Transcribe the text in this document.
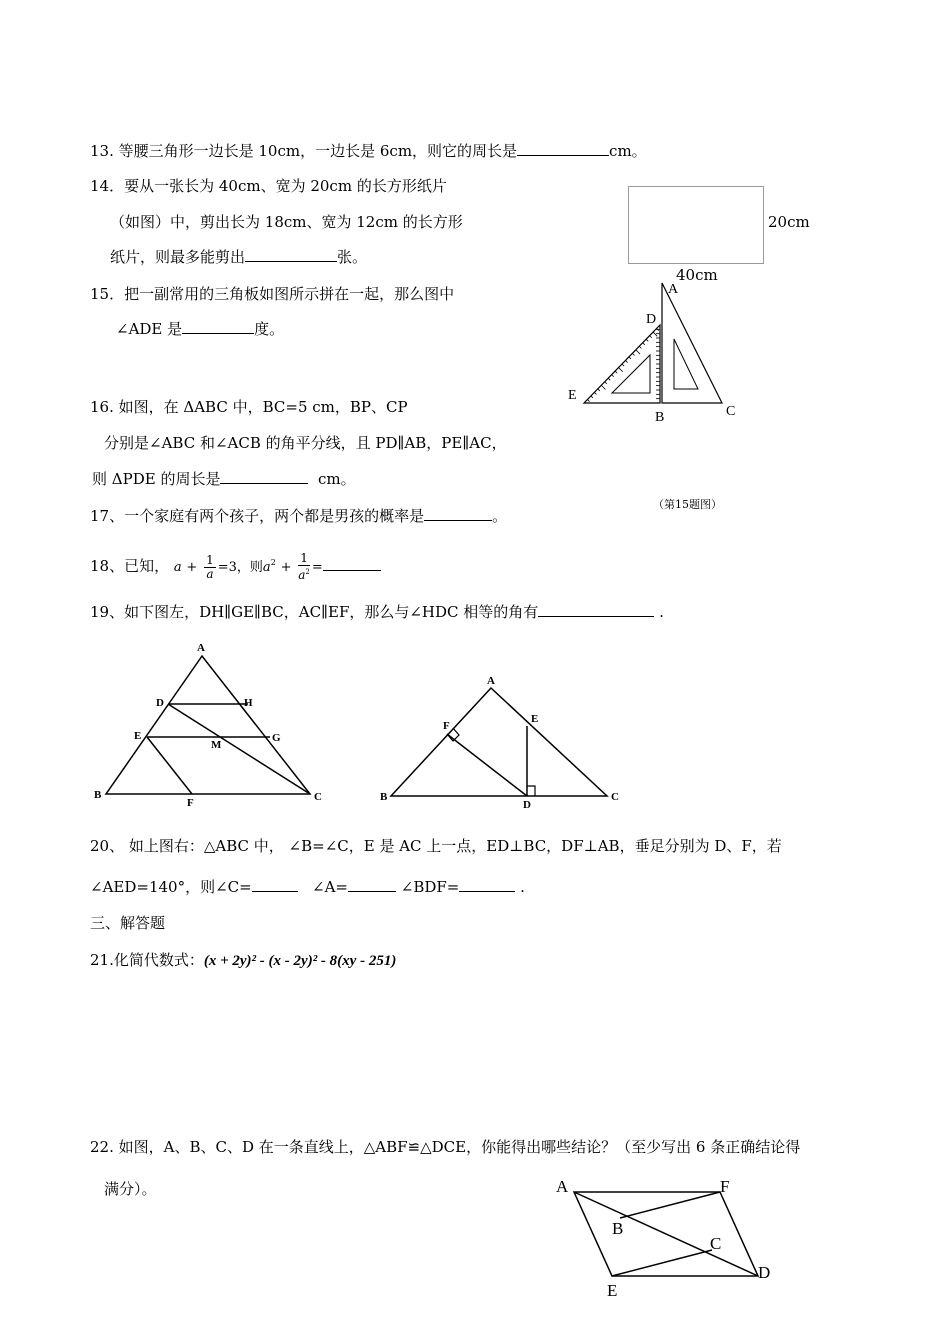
13. 等腰三角形一边长是 10cm，一边长是 6cm，则它的周长是	cm。
14．要从一张长为 40cm、宽为 20cm 的长方形纸片
（如图）中，剪出长为 18cm、宽为 12cm 的长方形
纸片，则最多能剪出	张。
20cm
40cm
15．把一副常用的三角板如图所示拼在一起，那么图中
∠ADE 是	度。
A
D
E
B	C
（第15题图）
16. 如图，在 ΔABC 中，BC=5 cm，BP、CP
分别是∠ABC 和∠ACB 的角平分线，且 PD∥AB，PE∥AC，
则 ΔPDE 的周长是	cm。
17、一个家庭有两个孩子，两个都是男孩的概率是	。
18、已知， $a + \frac{1}{a} =3$，则$a^2 + \frac{1}{a^2}$ =
19、如下图左，DH∥GE∥BC，AC∥EF，那么与∠HDC 相等的角有	.
A
D	H
E
M
G
B
F	C
A
F
E
B
D
C
20、 如上图右：△ABC 中， ∠B=∠C，E 是 AC 上一点，ED⊥BC，DF⊥AB，垂足分别为 D、F，若
∠AED=140°，则∠C=	∠A=	∠BDF=	.
三、解答题
21.化简代数式：(x + 2y)² - (x - 2y)² - 8(xy - 251)
22. 如图，A、B、C、D 在一条直线上，△ABF≌△DCE，你能得出哪些结论？（至少写出 6 条正确结论得
满分）。	A	F
B
C
E
D
